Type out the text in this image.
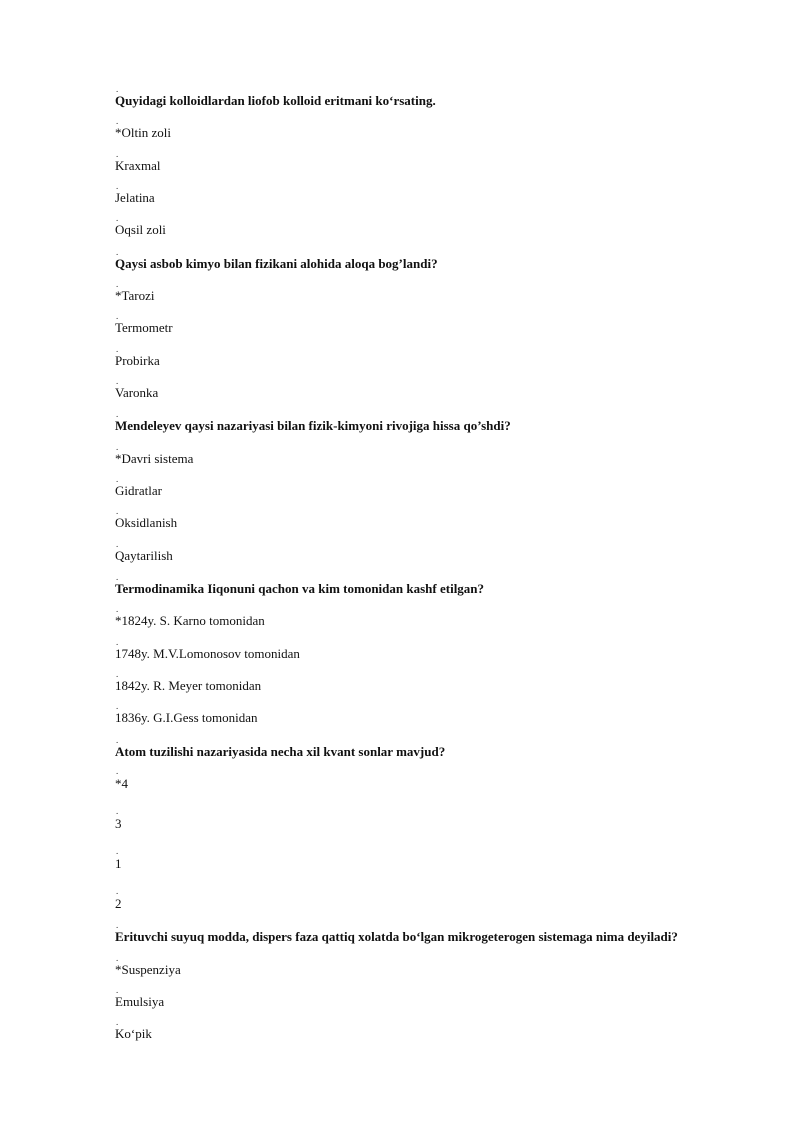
.
Quyidagi kolloidlardan liofob kolloid eritmani koʻrsating.
.
*Oltin zoli
.
Kraxmal
.
Jelatina
.
Oqsil zoli
.
Qaysi asbob kimyo bilan fizikani alohida aloqa bog’landi?
.
*Tarozi
.
Termometr
.
Probirka
.
Varonka
.
Mendeleyev qaysi nazariyasi bilan fizik-kimyoni rivojiga hissa qo’shdi?
.
*Davri sistema
.
Gidratlar
.
Oksidlanish
.
Qaytarilish
.
Termodinamika Iiqonuni qachon va kim tomonidan kashf etilgan?
.
*1824y. S. Karno tomonidan
.
1748y. M.V.Lomonosov tomonidan
.
1842y. R. Meyer tomonidan
.
1836y. G.I.Gess tomonidan
.
Atom tuzilishi nazariyasida necha xil kvant sonlar mavjud?
.
*4
.
3
.
1
.
2
.
Erituvchi suyuq modda, dispers faza qattiq xolatda boʻlgan mikrogeterogen sistemaga nima deyiladi?
.
*Suspenziya
.
Emulsiya
.
Koʻpik
